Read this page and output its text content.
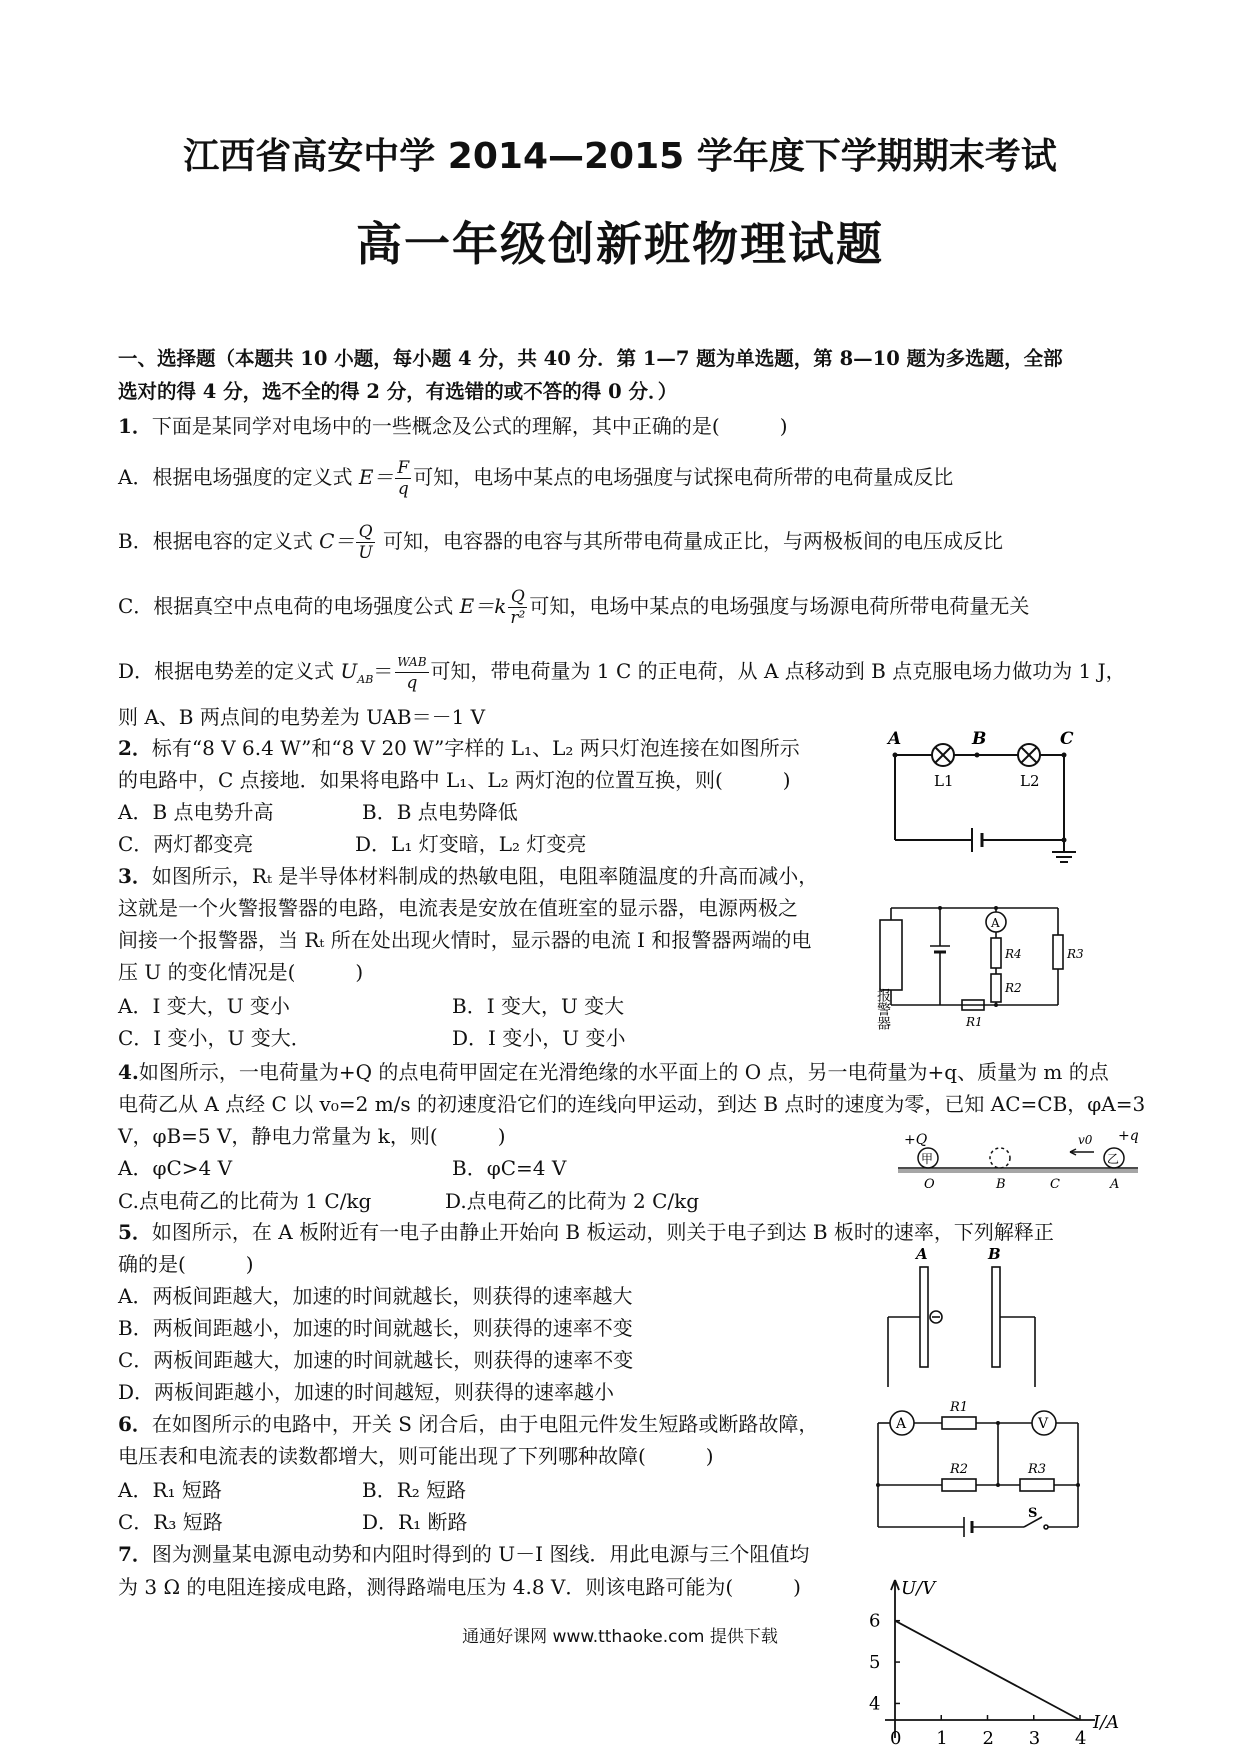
江西省高安中学 2014—2015 学年度下学期期末考试
高一年级创新班物理试题
一、选择题（本题共 10 小题，每小题 4 分，共 40 分．第 1—7 题为单选题，第 8—10 题为多选题，全部
选对的得 4 分，选不全的得 2 分，有选错的或不答的得 0 分．）
1．下面是某同学对电场中的一些概念及公式的理解，其中正确的是(　　　)
A．根据电场强度的定义式 $E= \frac{F}{q}$ 可知，电场中某点的电场强度与试探电荷所带的电荷量成反比
B．根据电容的定义式 $C= \frac{Q}{U}$ 可知，电容器的电容与其所带电荷量成正比，与两极板间的电压成反比
C．根据真空中点电荷的电场强度公式 $E=k \frac{Q}{\text{r²}}$ 可知，电场中某点的电场强度与场源电荷所带电荷量无关
D．根据电势差的定义式 $U_{AB}= \frac{\text{WAB}}{q}$ 可知，带电荷量为 1 C 的正电荷，从 A 点移动到 B 点克服电场力做功为 1 J，
则 A、B 两点间的电势差为 UAB＝－1 V
2．标有“8 V 6.4 W”和“8 V 20 W”字样的 L₁、L₂ 两只灯泡连接在如图所示
的电路中，C 点接地．如果将电路中 L₁、L₂ 两灯泡的位置互换，则(　　　)
A．B 点电势升高	B．B 点电势降低
C．两灯都变亮	D．L₁ 灯变暗，L₂ 灯变亮
A	B	C
L1	L2
3．如图所示，Rₜ 是半导体材料制成的热敏电阻，电阻率随温度的升高而减小，
这就是一个火警报警器的电路，电流表是安放在值班室的显示器，电源两极之
间接一个报警器，当 Rₜ 所在处出现火情时，显示器的电流 I 和报警器两端的电
压 U 的变化情况是(　　　)
A．I 变大，U 变小	B．I 变大，U 变大
C．I 变小，U 变大．	D．I 变小，U 变小
报警器
A
R4	R3
R2
R1
4.如图所示，一电荷量为+Q 的点电荷甲固定在光滑绝缘的水平面上的 O 点，另一电荷量为+q、质量为 m 的点
电荷乙从 A 点经 C 以 v₀=2 m/s 的初速度沿它们的连线向甲运动，到达 B 点时的速度为零，已知 AC=CB，φA=3
V，φB=5 V，静电力常量为 k，则(　　　)
A．φC>4 V	B．φC=4 V
C.点电荷乙的比荷为 1 C/kg	D.点电荷乙的比荷为 2 C/kg
+Q
甲
v0 +q
乙
O	B	C	A
5．如图所示，在 A 板附近有一电子由静止开始向 B 板运动，则关于电子到达 B 板时的速率，下列解释正
确的是(　　　)
A．两板间距越大，加速的时间就越长，则获得的速率越大
B．两板间距越小，加速的时间就越长，则获得的速率不变
C．两板间距越大，加速的时间就越长，则获得的速率不变
D．两板间距越小，加速的时间越短，则获得的速率越小
A	B
6．在如图所示的电路中，开关 S 闭合后，由于电阻元件发生短路或断路故障，
电压表和电流表的读数都增大，则可能出现了下列哪种故障(　　　)
A．R₁ 短路	B．R₂ 短路
C．R₃ 短路	D．R₁ 断路
A	V
R1
R2	R3
S
7．图为测量某电源电动势和内阻时得到的 U－I 图线．用此电源与三个阻值均
为 3 Ω 的电阻连接成电路，测得路端电压为 4.8 V．则该电路可能为(　　　)
0 1 2 3 4
4
5
6
U/V
I/A
通通好课网 www.tthaoke.com 提供下载
